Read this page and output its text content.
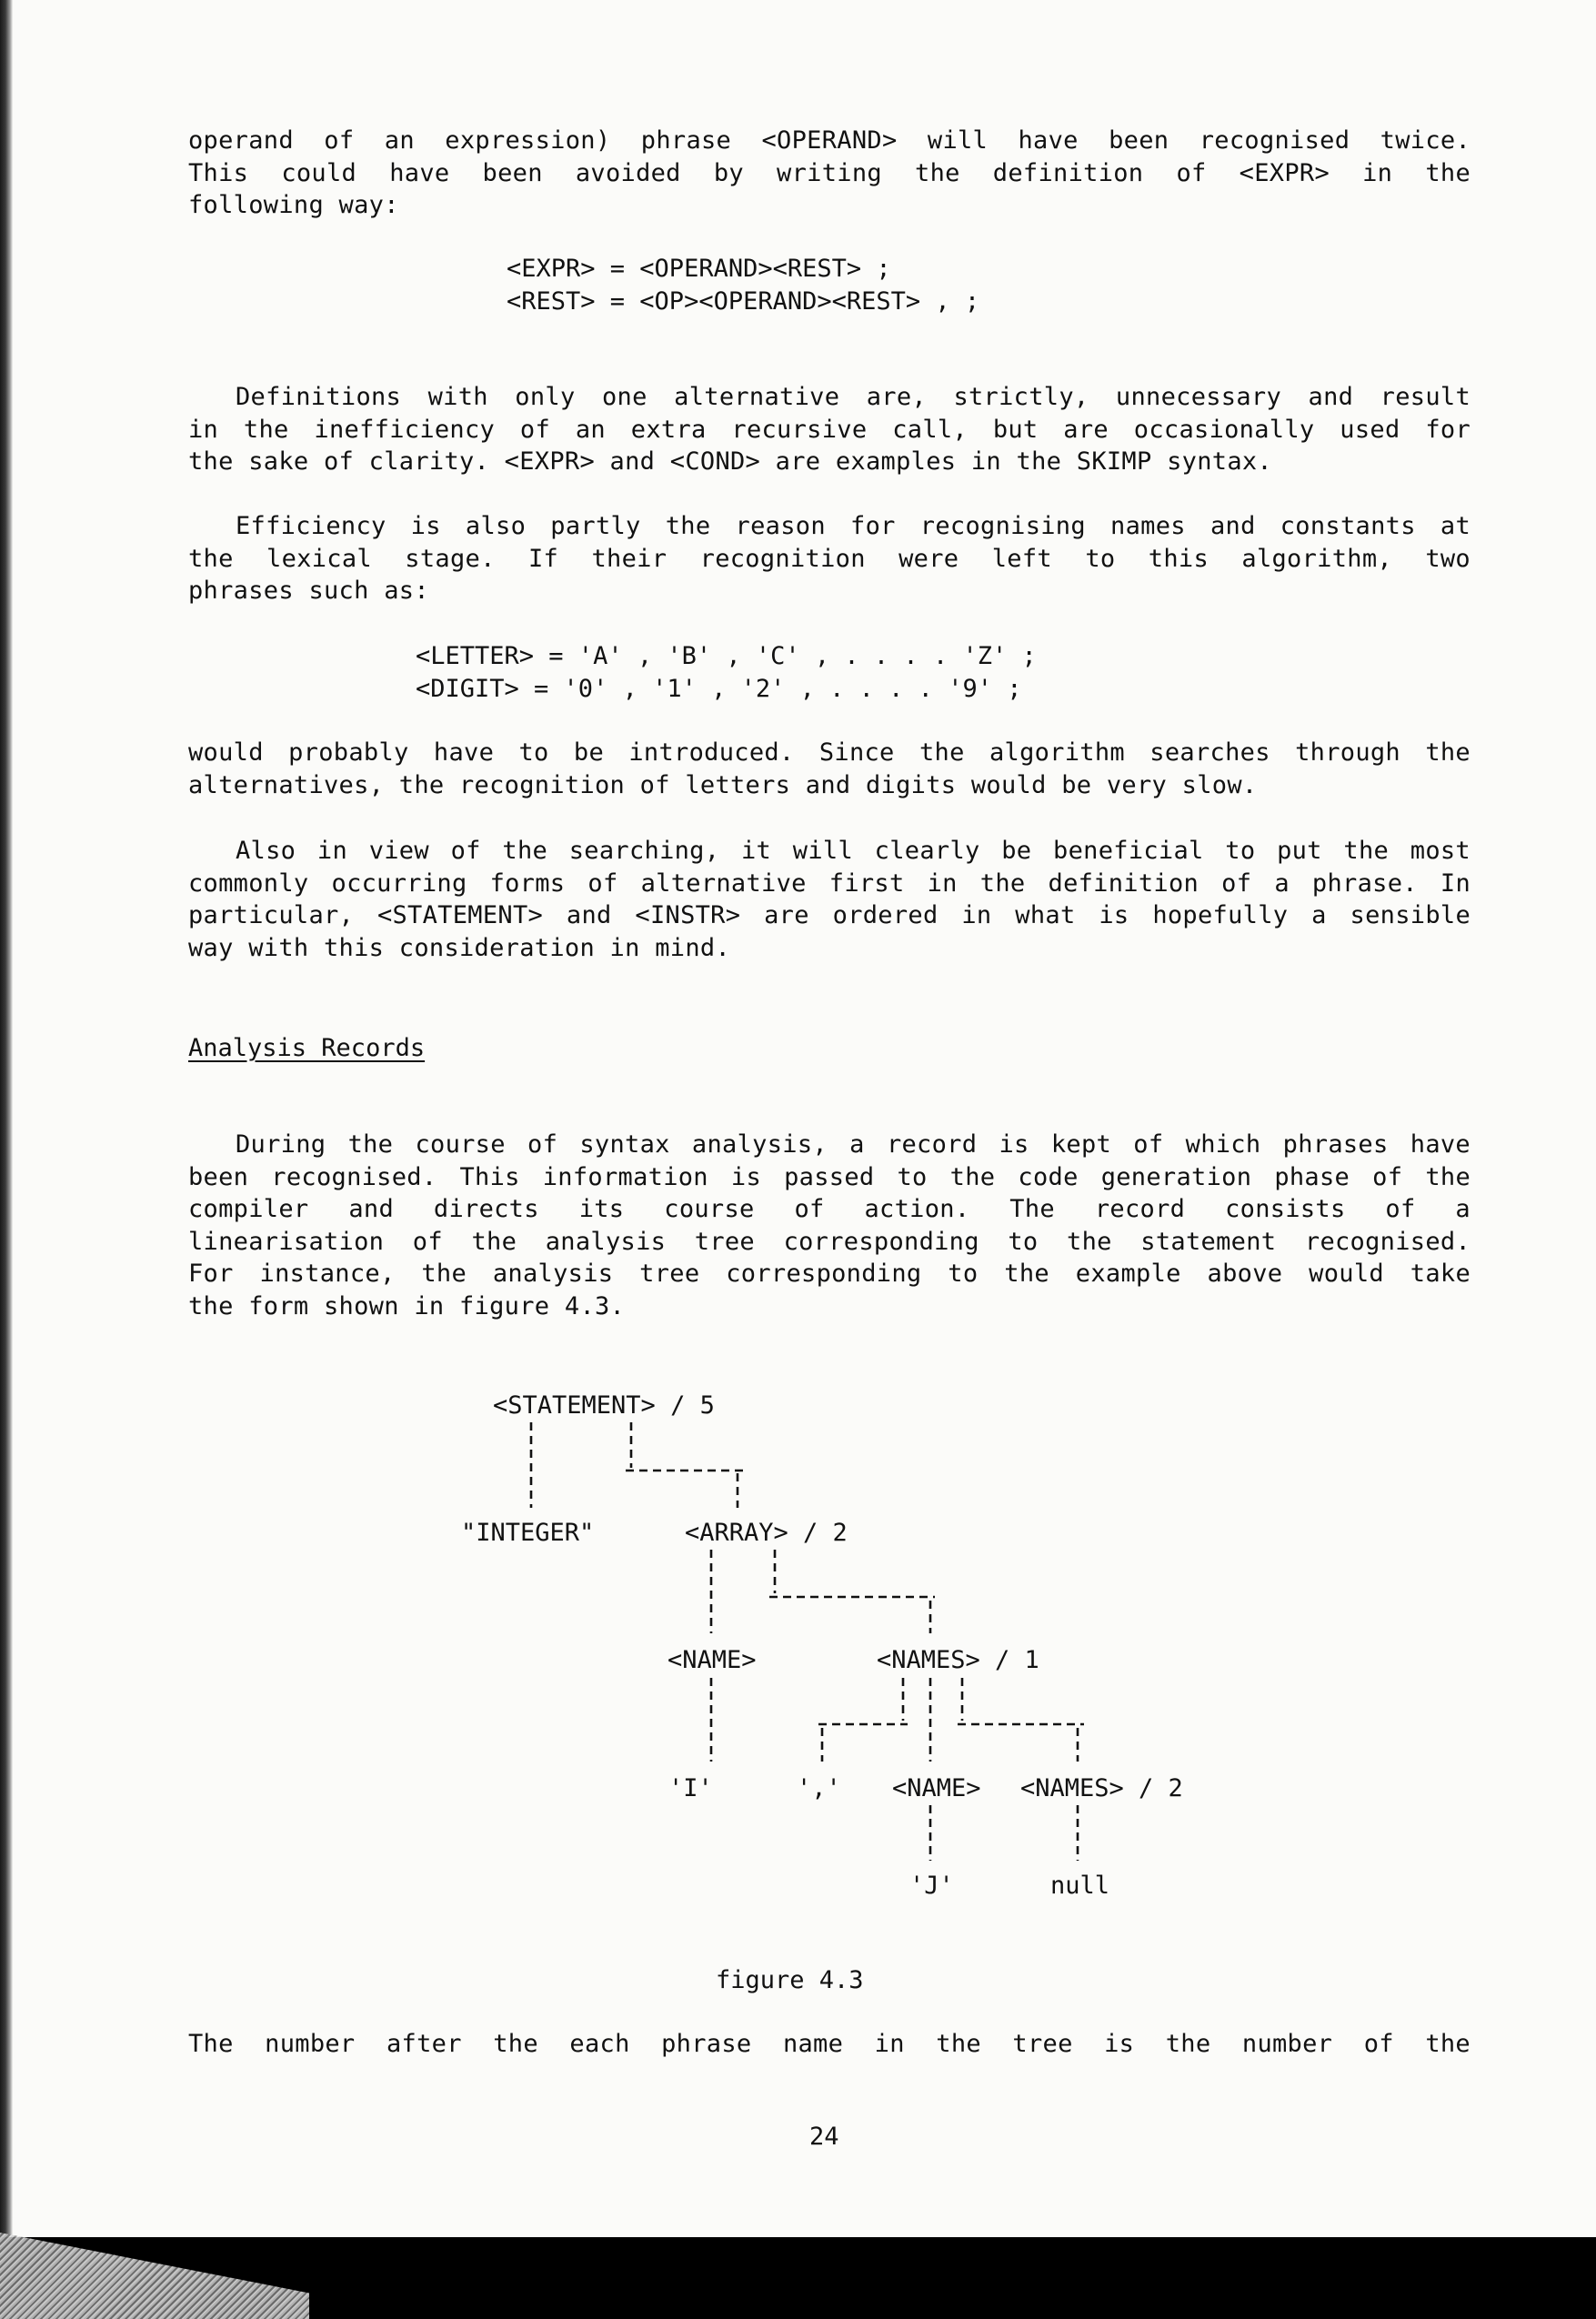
operand of an expression) phrase <OPERAND> will have been recognised twice.
This could have been avoided by writing the definition of <EXPR> in the
following way:
<EXPR> = <OPERAND><REST> ;
<REST> = <OP><OPERAND><REST> , ;
Definitions with only one alternative are, strictly, unnecessary and result
in the inefficiency of an extra recursive call, but are occasionally used for
the sake of clarity. <EXPR> and <COND> are examples in the SKIMP syntax.
Efficiency is also partly the reason for recognising names and constants at
the lexical stage. If their recognition were left to this algorithm, two
phrases such as:
<LETTER> = 'A' , 'B' , 'C' , . . . . 'Z' ;
<DIGIT> = '0' , '1' , '2' , . . . . '9' ;
would probably have to be introduced. Since the algorithm searches through the
alternatives, the recognition of letters and digits would be very slow.
Also in view of the searching, it will clearly be beneficial to put the most
commonly occurring forms of alternative first in the definition of a phrase. In
particular, <STATEMENT> and <INSTR> are ordered in what is hopefully a sensible
way with this consideration in mind.

Analysis Records

During the course of syntax analysis, a record is kept of which phrases have
been recognised. This information is passed to the code generation phase of the
compiler and directs its course of action. The record consists of a
linearisation of the analysis tree corresponding to the statement recognised.
For instance, the analysis tree corresponding to the example above would take
the form shown in figure 4.3.
The number after the each phrase name in the tree is the number of the
<STATEMENT> / 5
"INTEGER"	<ARRAY> / 2
<NAME>	<NAMES> / 1
'I'	',' <NAME> <NAMES> / 2
'J'	null

figure 4.3

24
